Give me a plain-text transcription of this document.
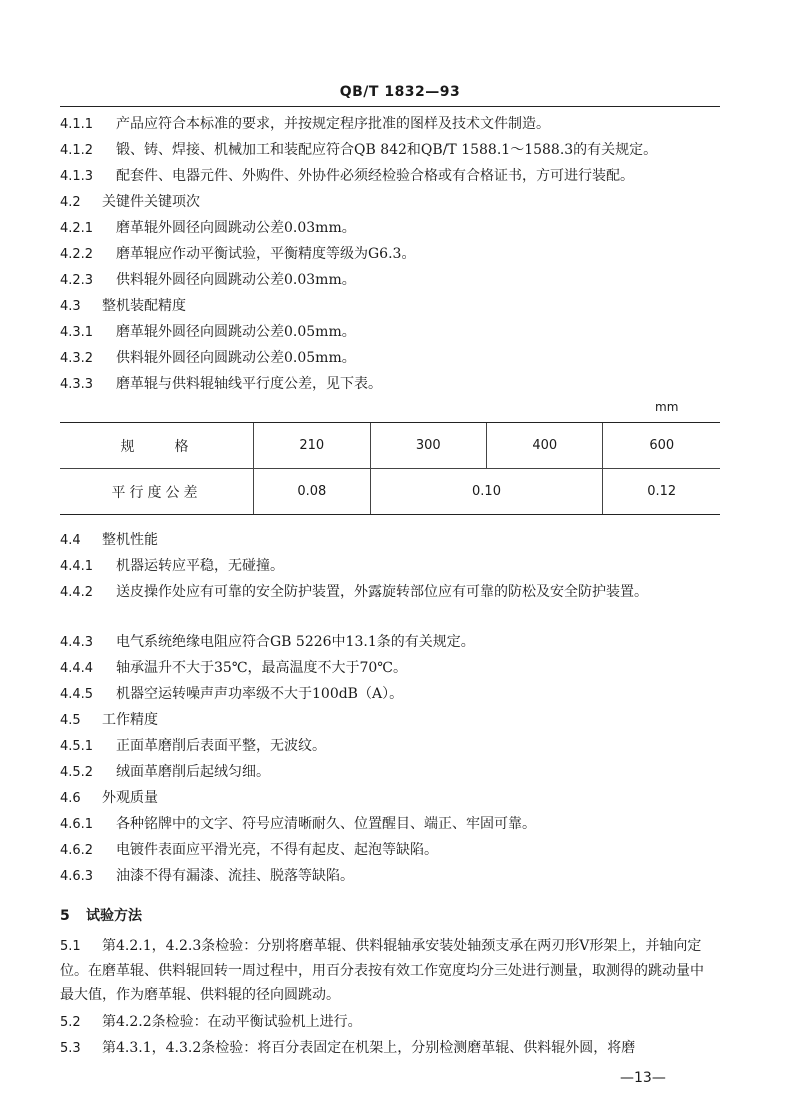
QB/T 1832—93
4.1.1 产品应符合本标准的要求，并按规定程序批准的图样及技术文件制造。
4.1.2 锻、铸、焊接、机械加工和装配应符合QB 842和QB/T 1588.1～1588.3的有关规定。
4.1.3 配套件、电器元件、外购件、外协件必须经检验合格或有合格证书，方可进行装配。
4.2 关键件关键项次
4.2.1 磨革辊外圆径向圆跳动公差0.03mm。
4.2.2 磨革辊应作动平衡试验，平衡精度等级为G6.3。
4.2.3 供料辊外圆径向圆跳动公差0.03mm。
4.3 整机装配精度
4.3.1 磨革辊外圆径向圆跳动公差0.05mm。
4.3.2 供料辊外圆径向圆跳动公差0.05mm。
4.3.3 磨革辊与供料辊轴线平行度公差，见下表。
mm
规　　格	210	300	400	600
平行度公差	0.08	0.10		0.12
4.4 整机性能
4.4.1 机器运转应平稳，无碰撞。
4.4.2 送皮操作处应有可靠的安全防护装置，外露旋转部位应有可靠的防松及安全防护装置。
4.4.3 电气系统绝缘电阻应符合GB 5226中13.1条的有关规定。
4.4.4 轴承温升不大于35℃，最高温度不大于70℃。
4.4.5 机器空运转噪声声功率级不大于100dB（A）。
4.5 工作精度
4.5.1 正面革磨削后表面平整，无波纹。
4.5.2 绒面革磨削后起绒匀细。
4.6 外观质量
4.6.1 各种铭牌中的文字、符号应清晰耐久、位置醒目、端正、牢固可靠。
4.6.2 电镀件表面应平滑光亮，不得有起皮、起泡等缺陷。
4.6.3 油漆不得有漏漆、流挂、脱落等缺陷。
5 试验方法
5.1 第4.2.1，4.2.3条检验：分别将磨革辊、供料辊轴承安装处轴颈支承在两刃形V形架上，并轴向定位。在磨革辊、供料辊回转一周过程中，用百分表按有效工作宽度均分三处进行测量，取测得的跳动量中最大值，作为磨革辊、供料辊的径向圆跳动。
5.2 第4.2.2条检验：在动平衡试验机上进行。
5.3 第4.3.1，4.3.2条检验：将百分表固定在机架上，分别检测磨革辊、供料辊外圆，将磨
—13—
